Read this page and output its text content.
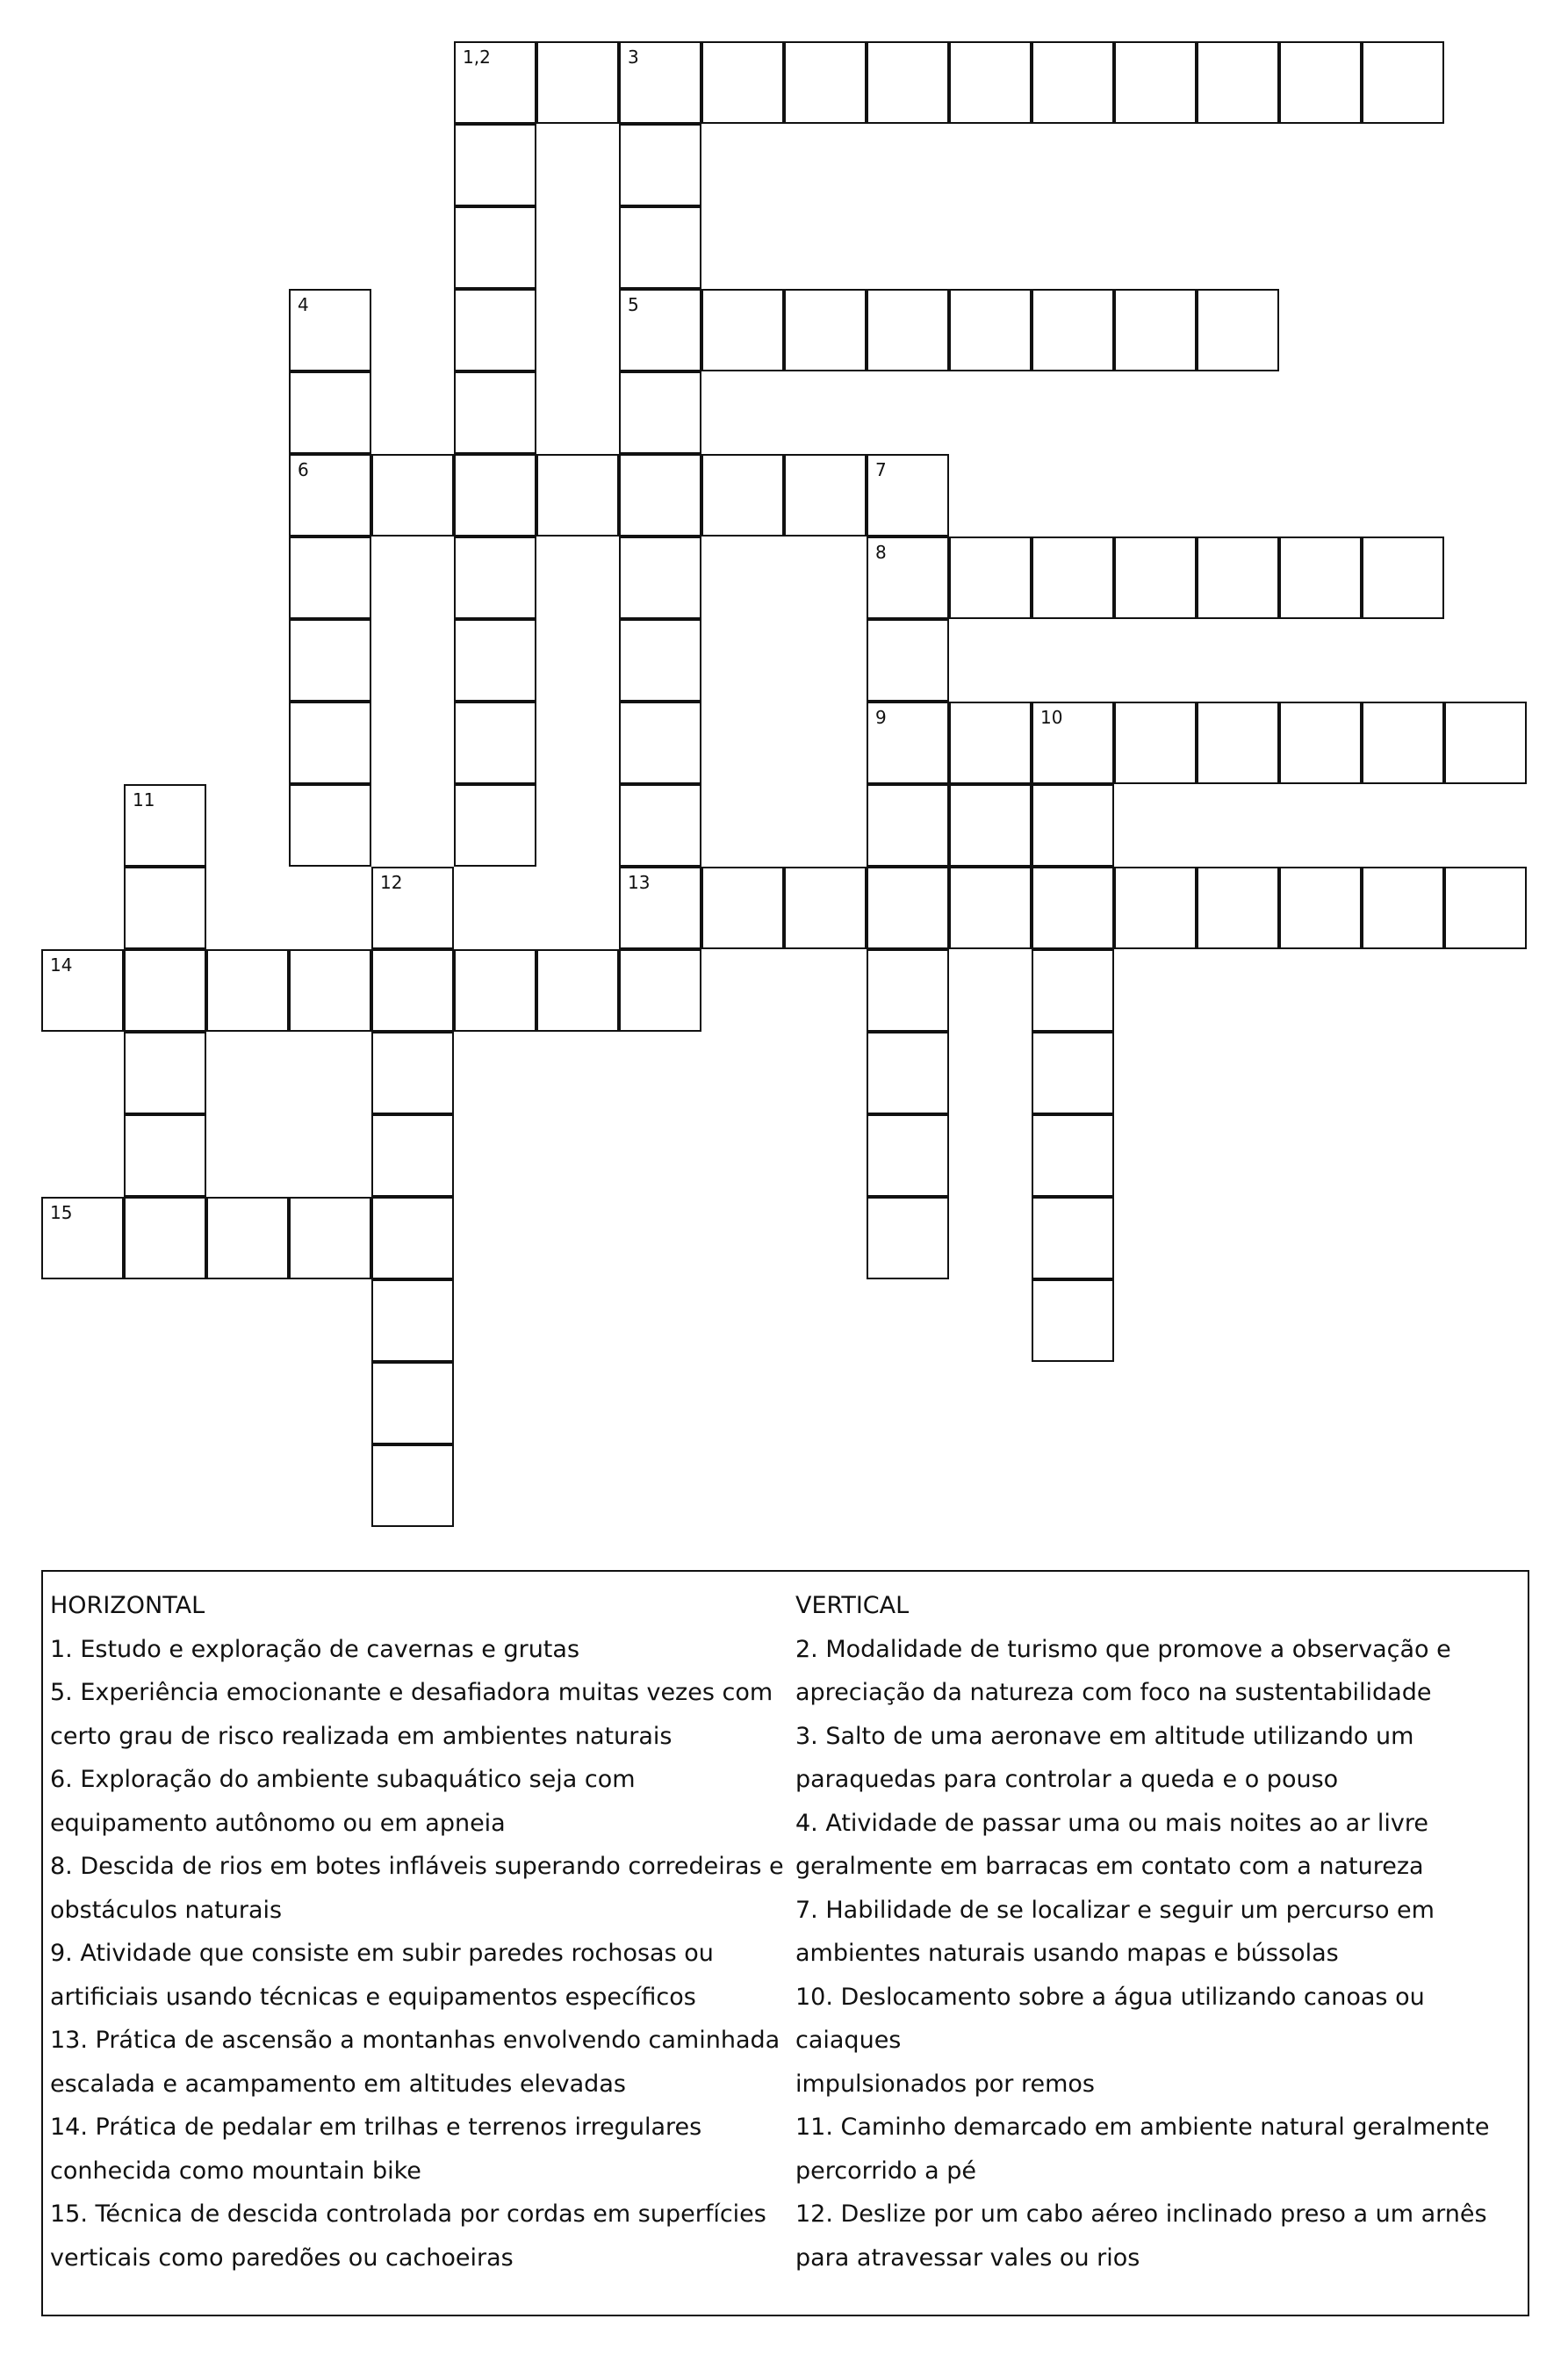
1,2	3
4	5
6	7
8
9	10
11
12	13
14
15

HORIZONTAL

1. Estudo e exploração de cavernas e grutas

5. Experiência emocionante e desafiadora muitas vezes com

certo grau de risco realizada em ambientes naturais

6. Exploração do ambiente subaquático seja com

equipamento autônomo ou em apneia

8. Descida de rios em botes infláveis superando corredeiras e

obstáculos naturais

9. Atividade que consiste em subir paredes rochosas ou

artificiais usando técnicas e equipamentos específicos

13. Prática de ascensão a montanhas envolvendo caminhada

escalada e acampamento em altitudes elevadas

14. Prática de pedalar em trilhas e terrenos irregulares

conhecida como mountain bike

15. Técnica de descida controlada por cordas em superfícies

verticais como paredões ou cachoeiras

VERTICAL

2. Modalidade de turismo que promove a observação e

apreciação da natureza com foco na sustentabilidade

3. Salto de uma aeronave em altitude utilizando um

paraquedas para controlar a queda e o pouso

4. Atividade de passar uma ou mais noites ao ar livre

geralmente em barracas em contato com a natureza

7. Habilidade de se localizar e seguir um percurso em

ambientes naturais usando mapas e bússolas

10. Deslocamento sobre a água utilizando canoas ou caiaques

impulsionados por remos

11. Caminho demarcado em ambiente natural geralmente

percorrido a pé

12. Deslize por um cabo aéreo inclinado preso a um arnês

para atravessar vales ou rios
